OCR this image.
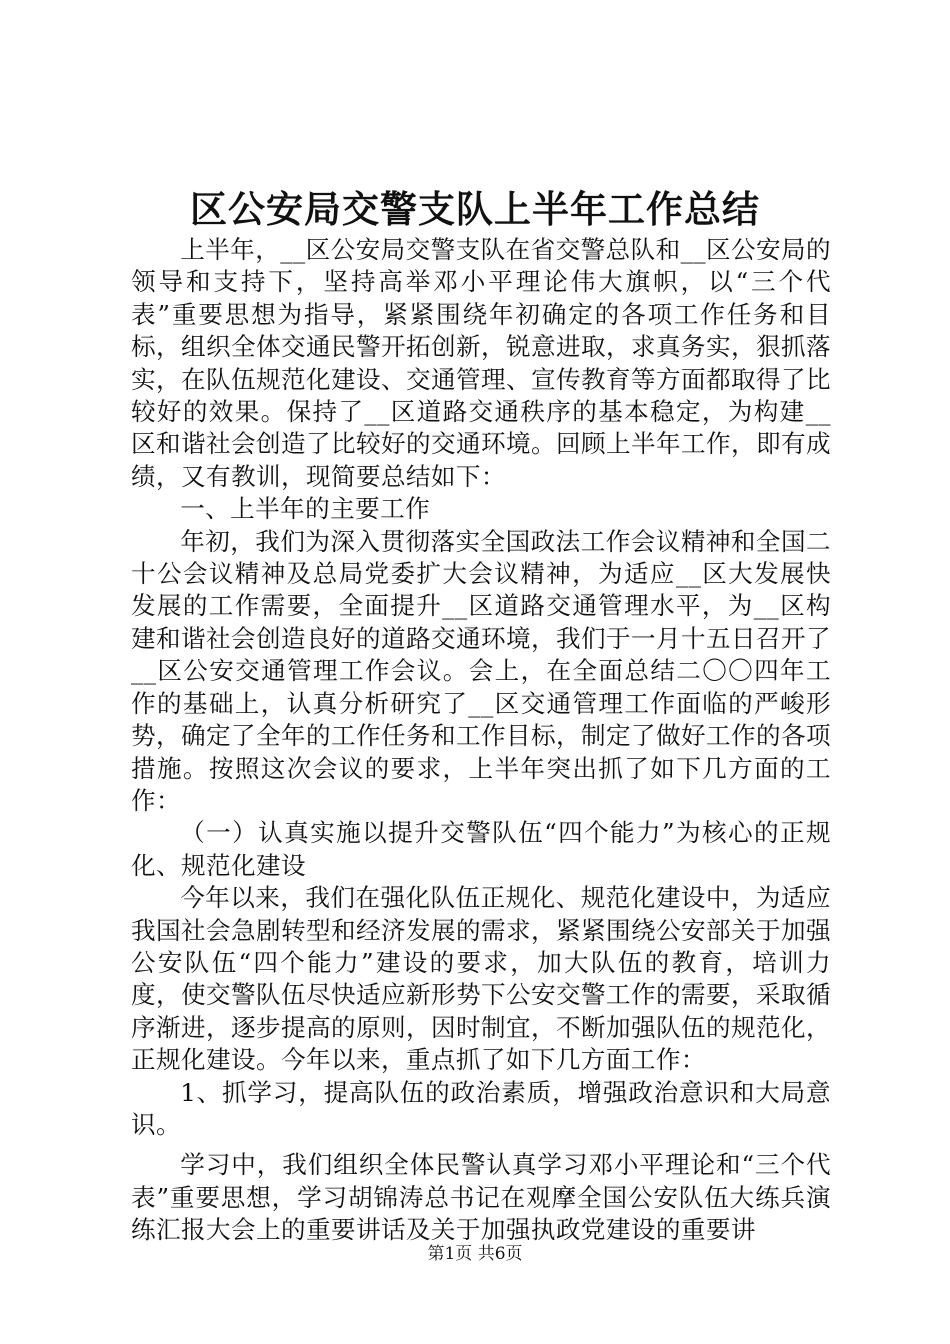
区公安局交警支队上半年工作总结

上半年，__区公安局交警支队在省交警总队和__区公安局的领导和支持下，坚持高举邓小平理论伟大旗帜，以“三个代表”重要思想为指导，紧紧围绕年初确定的各项工作任务和目标，组织全体交通民警开拓创新，锐意进取，求真务实，狠抓落实，在队伍规范化建设、交通管理、宣传教育等方面都取得了比较好的效果。保持了__区道路交通秩序的基本稳定，为构建__区和谐社会创造了比较好的交通环境。回顾上半年工作，即有成绩，又有教训，现简要总结如下：

一、上半年的主要工作

年初，我们为深入贯彻落实全国政法工作会议精神和全国二十公会议精神及总局党委扩大会议精神，为适应__区大发展快发展的工作需要，全面提升__区道路交通管理水平，为__区构建和谐社会创造良好的道路交通环境，我们于一月十五日召开了__区公安交通管理工作会议。会上，在全面总结二〇〇四年工作的基础上，认真分析研究了__区交通管理工作面临的严峻形势，确定了全年的工作任务和工作目标，制定了做好工作的各项措施。按照这次会议的要求，上半年突出抓了如下几方面的工作：

（一）认真实施以提升交警队伍“四个能力”为核心的正规化、规范化建设

今年以来，我们在强化队伍正规化、规范化建设中，为适应我国社会急剧转型和经济发展的需求，紧紧围绕公安部关于加强公安队伍“四个能力”建设的要求，加大队伍的教育，培训力度，使交警队伍尽快适应新形势下公安交警工作的需要，采取循序渐进，逐步提高的原则，因时制宜，不断加强队伍的规范化，正规化建设。今年以来，重点抓了如下几方面工作：

1、抓学习，提高队伍的政治素质，增强政治意识和大局意识。

学习中，我们组织全体民警认真学习邓小平理论和“三个代表”重要思想，学习胡锦涛总书记在观摩全国公安队伍大练兵演练汇报大会上的重要讲话及关于加强执政党建设的重要讲

第1页 共6页
